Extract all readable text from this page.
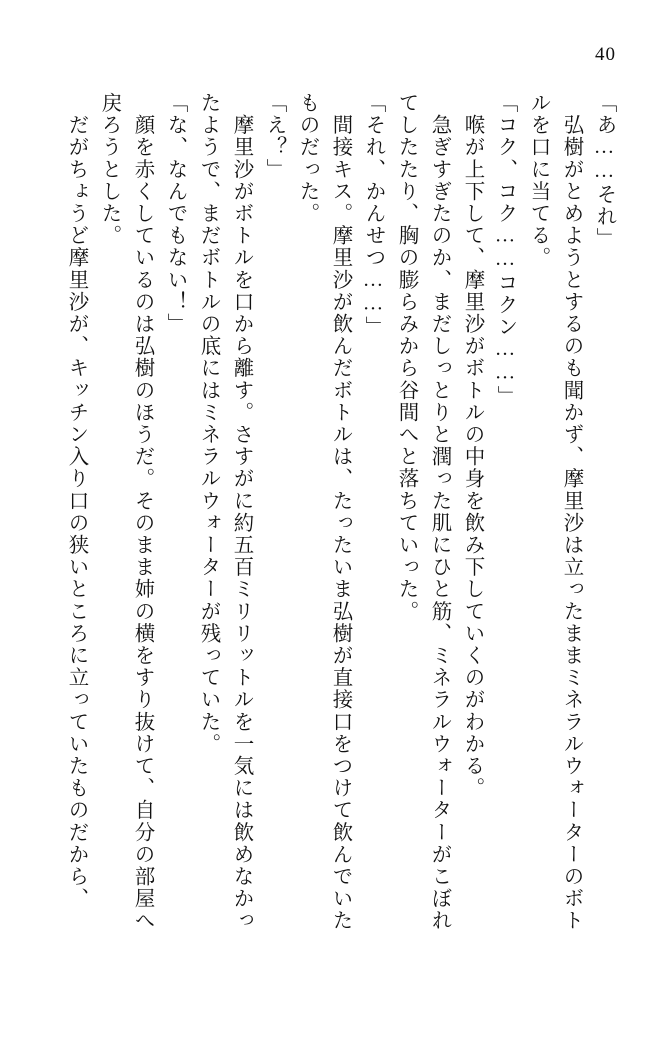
40
「あ……それ」
　弘樹がとめようとするのも聞かず、摩里沙は立ったままミネラルウォーターのボト
ルを口に当てる。
「コク、コク……コクン……」
　喉が上下して、摩里沙がボトルの中身を飲み下していくのがわかる。
　急ぎすぎたのか、まだしっとりと潤った肌にひと筋、ミネラルウォーターがこぼれ
てしたたり、胸の膨らみから谷間へと落ちていった。
「それ、かんせつ……」
　間接キス。摩里沙が飲んだボトルは、たったいま弘樹が直接口をつけて飲んでいた
ものだった。
「え？」
　摩里沙がボトルを口から離す。さすがに約五百ミリリットルを一気には飲めなかっ
たようで、まだボトルの底にはミネラルウォーターが残っていた。
「な、なんでもない！」
　顔を赤くしているのは弘樹のほうだ。そのまま姉の横をすり抜けて、自分の部屋へ
戻ろうとした。
　だがちょうど摩里沙が、キッチン入り口の狭いところに立っていたものだから、
